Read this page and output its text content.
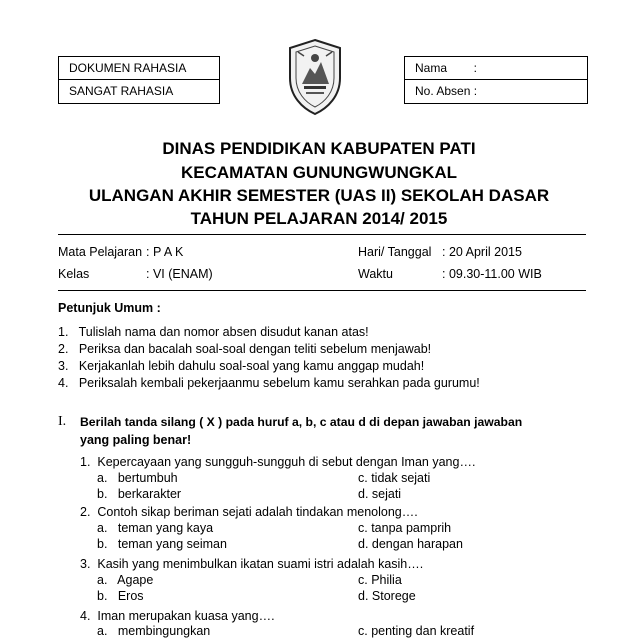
DOKUMEN RAHASIA
SANGAT RAHASIA
Nama        :
No. Absen :
DINAS PENDIDIKAN KABUPATEN PATI
KECAMATAN GUNUNGWUNGKAL
ULANGAN AKHIR SEMESTER (UAS II) SEKOLAH DASAR
TAHUN PELAJARAN 2014/ 2015
Mata Pelajaran : P A K	Hari/ Tanggal : 20 April 2015
Kelas	: VI (ENAM)	Waktu	: 09.30-11.00 WIB
Petunjuk Umum :
1.   Tulislah nama dan nomor absen disudut kanan atas!
2.   Periksa dan bacalah soal-soal dengan teliti sebelum menjawab!
3.   Kerjakanlah lebih dahulu soal-soal yang kamu anggap mudah!
4.   Periksalah kembali pekerjaanmu sebelum kamu serahkan pada gurumu!
I. Berilah tanda silang ( X ) pada huruf a, b, c atau d di depan jawaban jawaban
yang paling benar!
1.  Kepercayaan yang sungguh-sungguh di sebut dengan Iman yang….
a.   bertumbuh	c. tidak sejati
b.   berkarakter	d. sejati
2.  Contoh sikap beriman sejati adalah tindakan menolong….
a.   teman yang kaya	c. tanpa pamprih
b.   teman yang seiman	d. dengan harapan
3.  Kasih yang menimbulkan ikatan suami istri adalah kasih….
a.   Agape	c. Philia
b.   Eros	d. Storege
4.  Iman merupakan kuasa yang….
a.   membingungkan	c. penting dan kreatif
